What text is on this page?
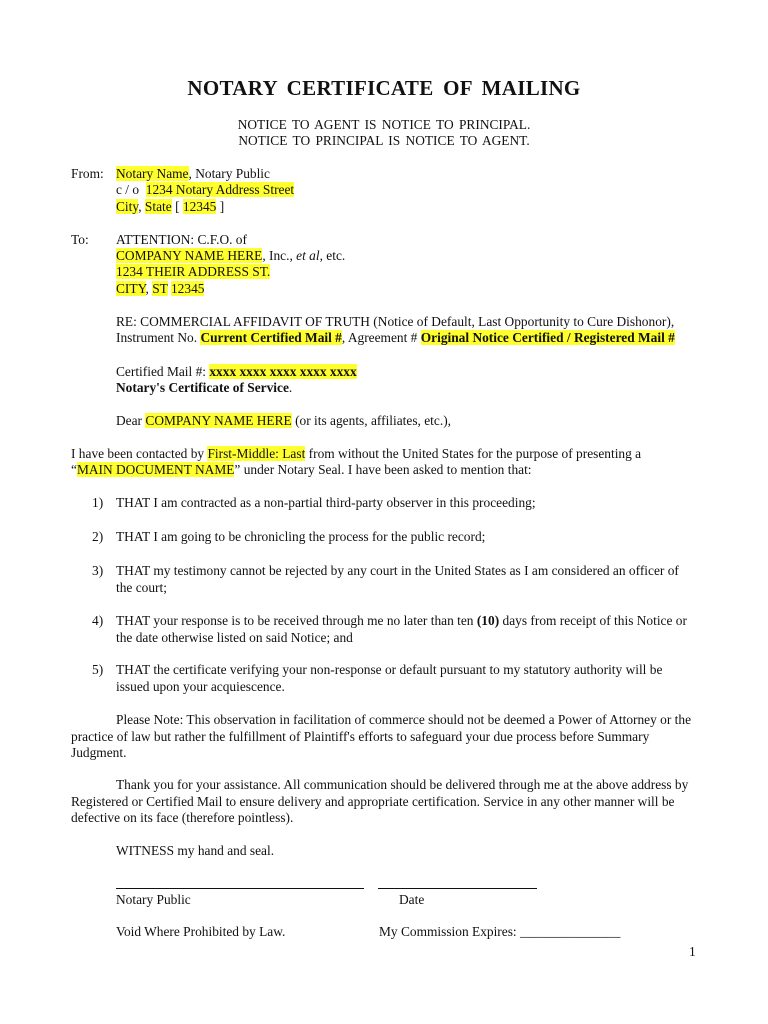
NOTARY CERTIFICATE OF MAILING
NOTICE TO AGENT IS NOTICE TO PRINCIPAL.
NOTICE TO PRINCIPAL IS NOTICE TO AGENT.
From: Notary Name, Notary Public
c / o 1234 Notary Address Street
City, State [ 12345 ]
To: ATTENTION: C.F.O. of
COMPANY NAME HERE, Inc., et al, etc.
1234 THEIR ADDRESS ST.
CITY, ST 12345
RE: COMMERCIAL AFFIDAVIT OF TRUTH (Notice of Default, Last Opportunity to Cure Dishonor),
Instrument No. Current Certified Mail #, Agreement # Original Notice Certified / Registered Mail #
Certified Mail #: xxxx xxxx xxxx xxxx xxxx
Notary's Certificate of Service.
Dear COMPANY NAME HERE (or its agents, affiliates, etc.),
I have been contacted by First-Middle: Last from without the United States for the purpose of presenting a
“MAIN DOCUMENT NAME” under Notary Seal. I have been asked to mention that:
1) THAT I am contracted as a non-partial third-party observer in this proceeding;
2) THAT I am going to be chronicling the process for the public record;
3) THAT my testimony cannot be rejected by any court in the United States as I am considered an officer of the court;
4) THAT your response is to be received through me no later than ten (10) days from receipt of this Notice or the date otherwise listed on said Notice; and
5) THAT the certificate verifying your non-response or default pursuant to my statutory authority will be issued upon your acquiescence.
Please Note: This observation in facilitation of commerce should not be deemed a Power of Attorney or the practice of law but rather the fulfillment of Plaintiff's efforts to safeguard your due process before Summary Judgment.
Thank you for your assistance. All communication should be delivered through me at the above address by Registered or Certified Mail to ensure delivery and appropriate certification. Service in any other manner will be defective on its face (therefore pointless).
WITNESS my hand and seal.
Notary Public	Date
Void Where Prohibited by Law.	My Commission Expires: _______________
1
